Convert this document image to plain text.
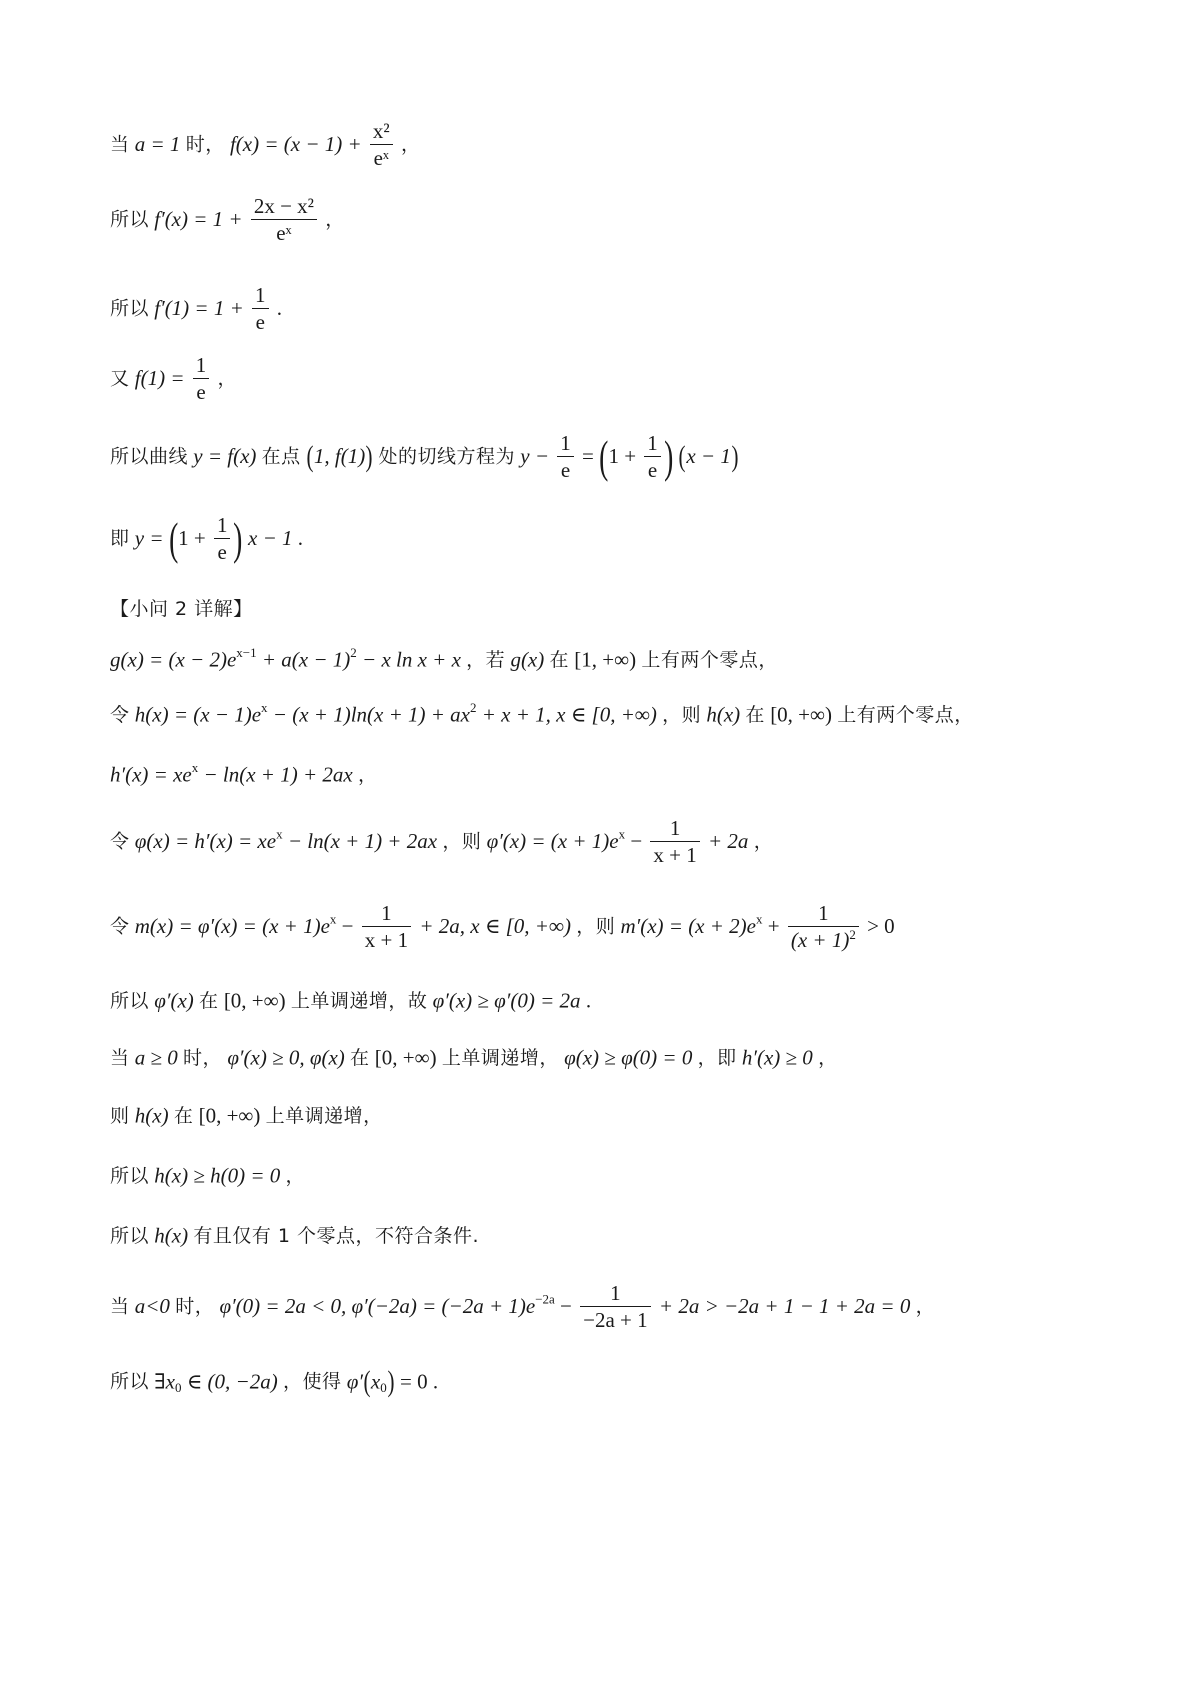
当 a = 1 时， $f(x) = (x - 1) + \frac{\text{x²}}{\text{eˣ}}$ ，
所以 $f'(x) = 1 + \frac{\text{2x − x²}}{\text{eˣ}}$ ，
所以 $f'(1) = 1 + \frac{1}{e}$ .
又 $f(1) = \frac{1}{e}$ ，
所以曲线 y = f(x) 在点 (1, f(1)) 处的切线方程为 $y - \frac{1}{e} = (1 + \frac{1}{e}$ ) (x − 1)
即 $y = (1 + \frac{1}{e}$ ) x − 1 .
【小问 2 详解】
$g(x) = (x - 2)e^{x-1} + a(x - 1)^2 - x$ ln x + x ，若 g(x) 在 [1, +∞) 上有两个零点，
令 $h(x) = (x - 1)e^x - (x + 1)\ln(x + 1) + ax^2 + x + 1$, x ∈ [0, +∞) ，则 h(x) 在 [0, +∞) 上有两个零点，
$h'(x) = xe^x - \ln(x + 1) + 2ax$ ，
令 $\varphi(x) = h'(x) = xe^x - \ln(x + 1) + 2ax$ ，则 $\varphi'(x) = (x + 1)e^x - \frac{1}{x + 1} + 2a$ ，
令 $m(x) = \varphi'(x) = (x + 1)e^x - \frac{1}{x + 1} + 2a$, x ∈ [0, +∞) ，则 $m'(x) = (x + 2)e^x + \frac{1}{(x + 1)^2} > 0$
所以 φ′(x) 在 [0, +∞) 上单调递增，故 φ′(x) ≥ φ′(0) = 2a .
当 a ≥ 0 时， φ′(x) ≥ 0, φ(x) 在 [0, +∞) 上单调递增， φ(x) ≥ φ(0) = 0 ，即 h′(x) ≥ 0 ，
则 h(x) 在 [0, +∞) 上单调递增，
所以 h(x) ≥ h(0) = 0 ，
所以 h(x) 有且仅有 1 个零点，不符合条件.
当 a<0 时， φ′(0) = 2a < 0, $\varphi'(-2a) = (-2a + 1)e^{-2a} - \frac{1}{-2a + 1} + 2a > -2a + 1 - 1 + 2a = 0$ ，
所以 $\exists x_0$ ∈ (0, −2a) ，使得 $\varphi'(x_0) = 0$ .
